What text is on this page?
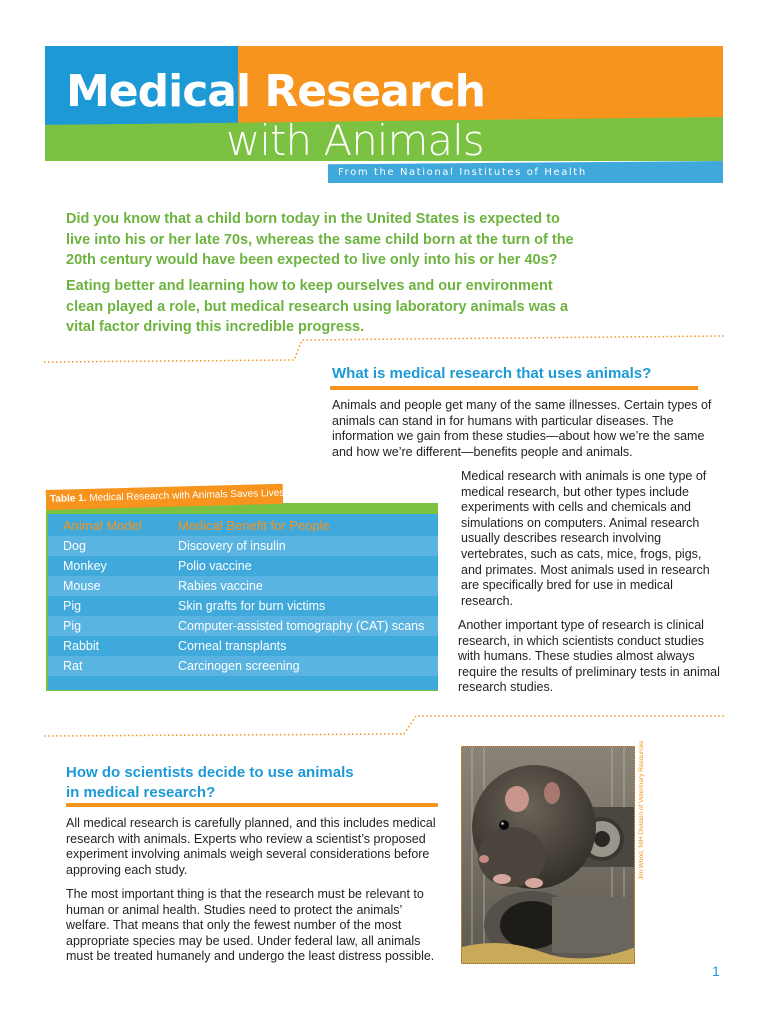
Medical Research
with Animals
From the National Institutes of Health

Did you know that a child born today in the United States is expected to live into his or her late 70s, whereas the same child born at the turn of the 20th century would have been expected to live only into his or her 40s?

Eating better and learning how to keep ourselves and our environment clean played a role, but medical research using laboratory animals was a vital factor driving this incredible progress.

What is medical research that uses animals?

Animals and people get many of the same illnesses. Certain types of animals can stand in for humans with particular diseases. The information we gain from these studies—about how we’re the same and how we’re different—benefits people and animals.

Medical research with animals is one type of medical research, but other types include experiments with cells and chemicals and simulations on computers. Animal research usually describes research involving vertebrates, such as cats, mice, frogs, pigs, and primates. Most animals used in research are specifically bred for use in medical research.

Another important type of research is clinical research, in which scientists conduct studies with humans. These studies almost always require the results of preliminary tests in animal research studies.

Table 1. Medical Research with Animals Saves Lives
Animal Model	Medical Benefit for People
Dog	Discovery of insulin
Monkey	Polio vaccine
Mouse	Rabies vaccine
Pig	Skin grafts for burn victims
Pig	Computer-assisted tomography (CAT) scans
Rabbit	Corneal transplants
Rat	Carcinogen screening
How do scientists decide to use animals
in medical research?

All medical research is carefully planned, and this includes medical research with animals. Experts who review a scientist’s proposed experiment involving animals weigh several considerations before approving each study.

The most important thing is that the research must be relevant to human or animal health. Studies need to protect the animals’ welfare. That means that only the fewest number of the most appropriate species may be used. Under federal law, all animals must be treated humanely and undergo the least distress possible.

Jim Wood, NIH Division of Veterinary Resources
1
